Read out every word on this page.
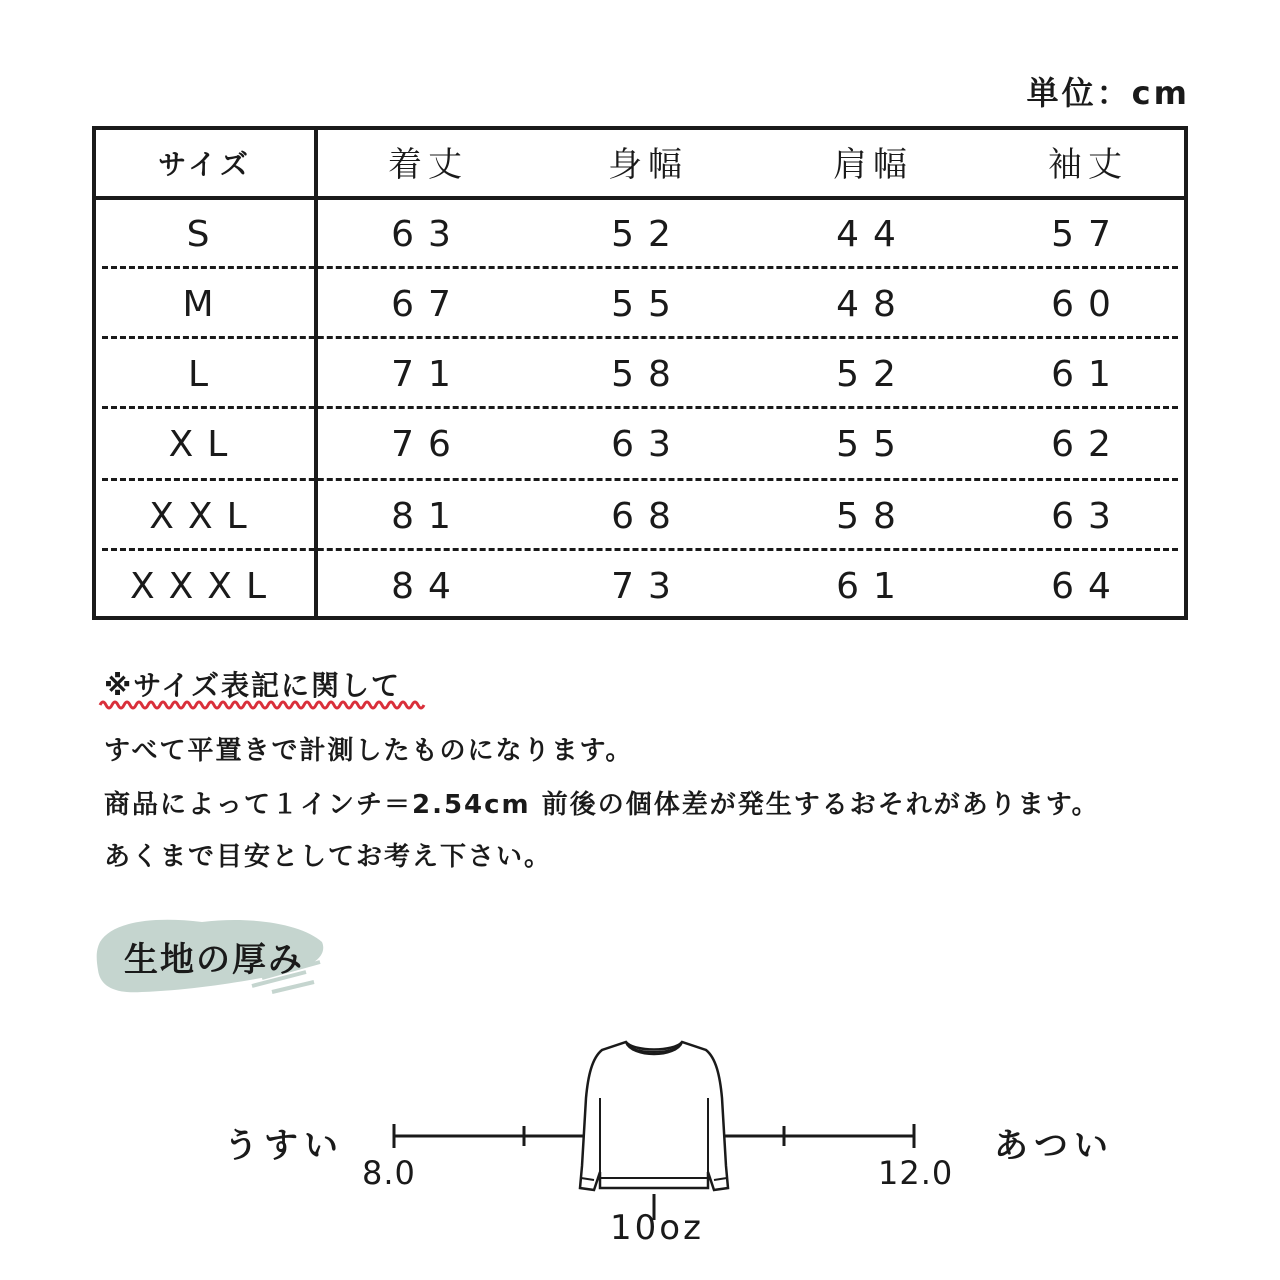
単位：cm
サイズ	着丈	身幅	肩幅	袖丈
S	63	52	44	57
M	67	55	48	60
L	71	58	52	61
XL	76	63	55	62
XXL	81	68	58	63
XXXL	84	73	61	64
※サイズ表記に関して
すべて平置きで計測したものになります。
商品によって１インチ＝2.54cm 前後の個体差が発生するおそれがあります。
あくまで目安としてお考え下さい。
生地の厚み
うすい	あつい
8.0	12.0
10oz
